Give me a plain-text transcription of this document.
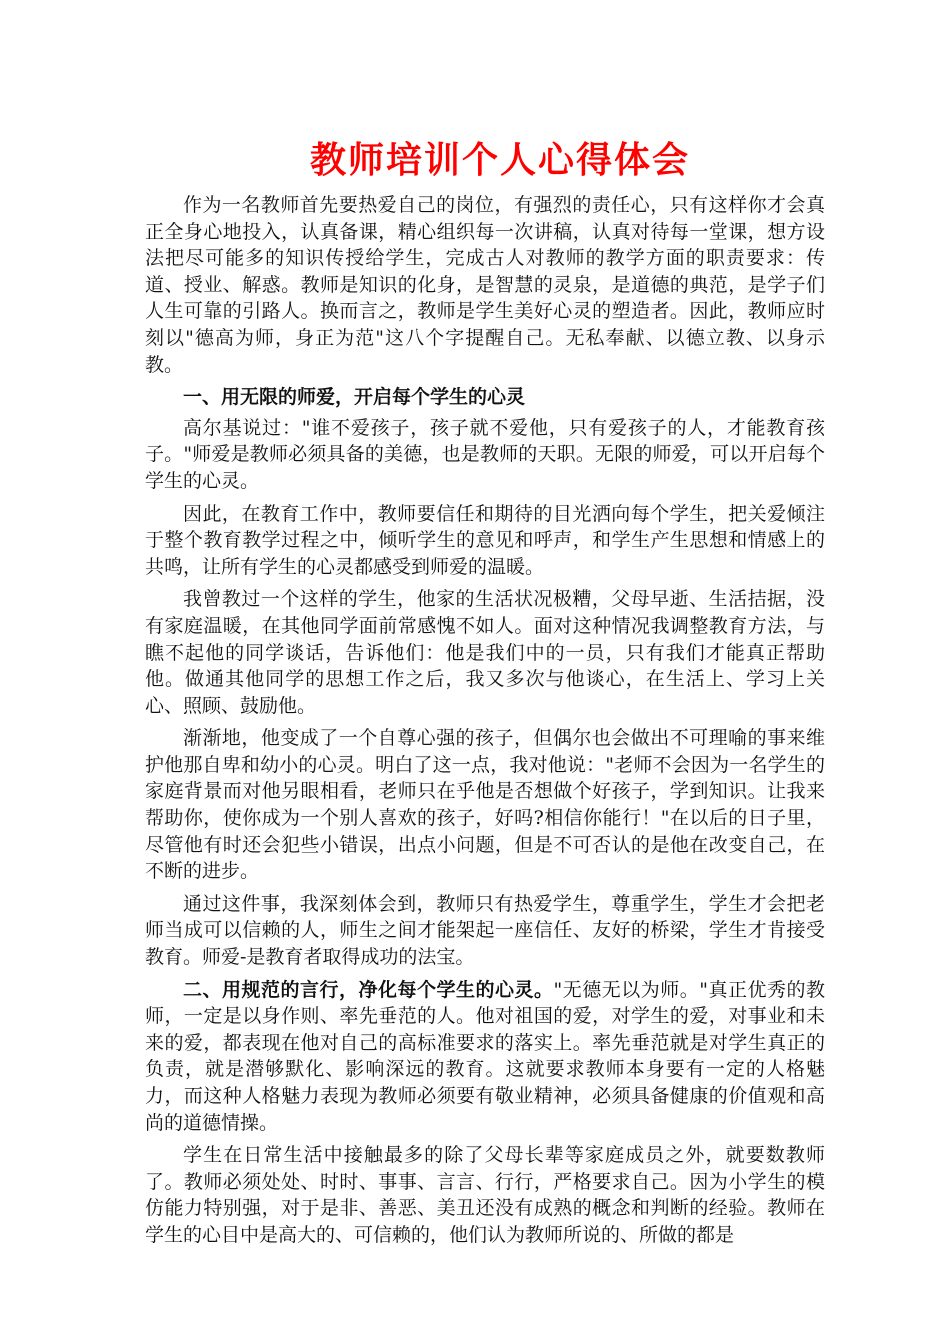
教师培训个人心得体会

作为一名教师首先要热爱自己的岗位，有强烈的责任心，只有这样你才会真正全身心地投入，认真备课，精心组织每一次讲稿，认真对待每一堂课，想方设法把尽可能多的知识传授给学生，完成古人对教师的教学方面的职责要求：传道、授业、解惑。教师是知识的化身，是智慧的灵泉，是道德的典范，是学子们人生可靠的引路人。换而言之，教师是学生美好心灵的塑造者。因此，教师应时刻以"德高为师，身正为范"这八个字提醒自己。无私奉献、以德立教、以身示教。

一、用无限的师爱，开启每个学生的心灵

高尔基说过："谁不爱孩子，孩子就不爱他，只有爱孩子的人，才能教育孩子。"师爱是教师必须具备的美德，也是教师的天职。无限的师爱，可以开启每个学生的心灵。

因此，在教育工作中，教师要信任和期待的目光洒向每个学生，把关爱倾注于整个教育教学过程之中，倾听学生的意见和呼声，和学生产生思想和情感上的共鸣，让所有学生的心灵都感受到师爱的温暖。

我曾教过一个这样的学生，他家的生活状况极糟，父母早逝、生活拮据，没有家庭温暖，在其他同学面前常感愧不如人。面对这种情况我调整教育方法，与瞧不起他的同学谈话，告诉他们：他是我们中的一员，只有我们才能真正帮助他。做通其他同学的思想工作之后，我又多次与他谈心，在生活上、学习上关心、照顾、鼓励他。

渐渐地，他变成了一个自尊心强的孩子，但偶尔也会做出不可理喻的事来维护他那自卑和幼小的心灵。明白了这一点，我对他说："老师不会因为一名学生的家庭背景而对他另眼相看，老师只在乎他是否想做个好孩子，学到知识。让我来帮助你，使你成为一个别人喜欢的孩子，好吗?相信你能行！"在以后的日子里，尽管他有时还会犯些小错误，出点小问题，但是不可否认的是他在改变自己，在不断的进步。

通过这件事，我深刻体会到，教师只有热爱学生，尊重学生，学生才会把老师当成可以信赖的人，师生之间才能架起一座信任、友好的桥梁，学生才肯接受教育。师爱-是教育者取得成功的法宝。

二、用规范的言行，净化每个学生的心灵。"无德无以为师。"真正优秀的教师，一定是以身作则、率先垂范的人。他对祖国的爱，对学生的爱，对事业和未来的爱，都表现在他对自己的高标准要求的落实上。率先垂范就是对学生真正的负责，就是潜够默化、影响深远的教育。这就要求教师本身要有一定的人格魅力，而这种人格魅力表现为教师必须要有敬业精神，必须具备健康的价值观和高尚的道德情操。

学生在日常生活中接触最多的除了父母长辈等家庭成员之外，就要数教师了。教师必须处处、时时、事事、言言、行行，严格要求自己。因为小学生的模仿能力特别强，对于是非、善恶、美丑还没有成熟的概念和判断的经验。教师在学生的心目中是高大的、可信赖的，他们认为教师所说的、所做的都是
